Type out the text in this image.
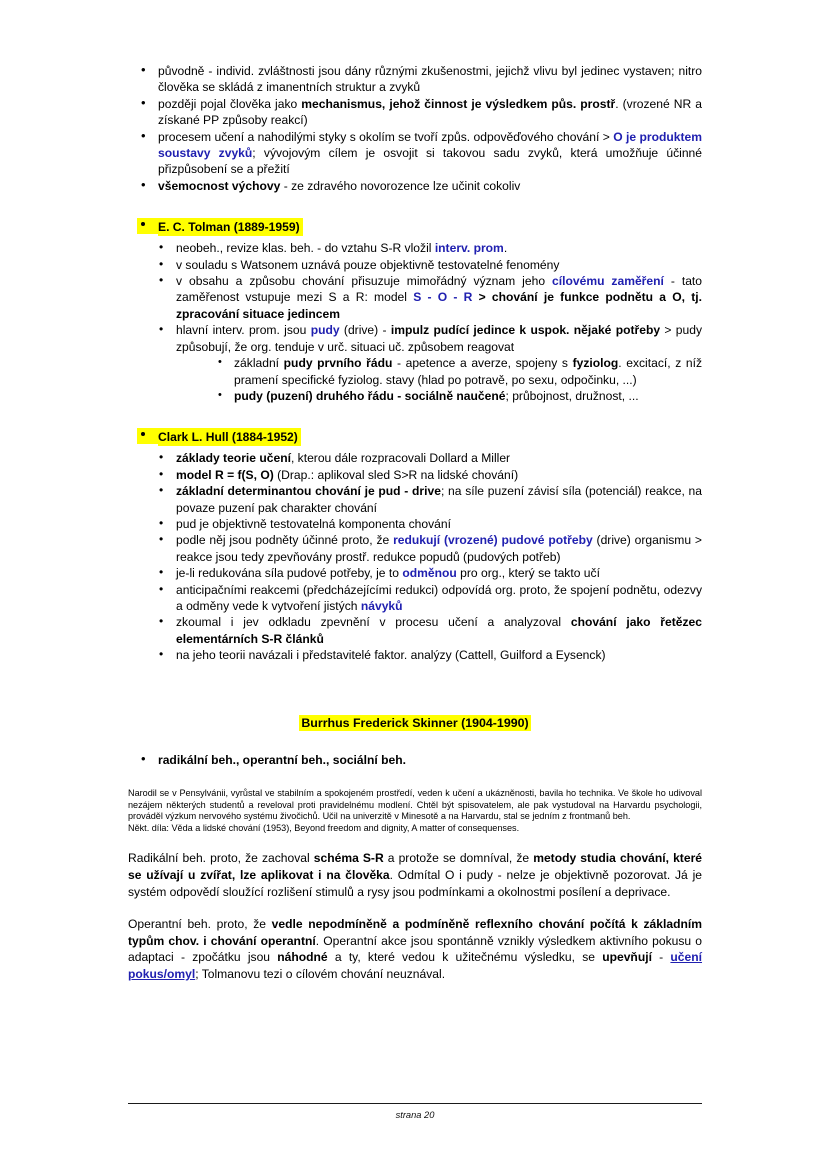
• původně - individ. zvláštnosti jsou dány různými zkušenostmi, jejichž vlivu byl jedinec vystaven; nitro člověka se skládá z imanentních struktur a zvyků
• později pojal člověka jako mechanismus, jehož činnost je výsledkem půs. prostř. (vrozené NR a získané PP způsoby reakcí)
• procesem učení a nahodilými styky s okolím se tvoří způs. odpověďového chování > O je produktem soustavy zvyků; vývojovým cílem je osvojit si takovou sadu zvyků, která umožňuje účinné přizpůsobení se a přežití
• všemocnost výchovy - ze zdravého novorozence lze učinit cokoliv
E. C. Tolman (1889-1959)
• neobeh., revize klas. beh. - do vztahu S-R vložil interv. prom.
• v souladu s Watsonem uznává pouze objektivně testovatelné fenomény
• v obsahu a způsobu chování přisuzuje mimořádný význam jeho cílovému zaměření - tato zaměřenost vstupuje mezi S a R: model S - O - R > chování je funkce podnětu a O, tj. zpracování situace jedincem
• hlavní interv. prom. jsou pudy (drive) - impulz pudící jedince k uspok. nějaké potřeby > pudy způsobují, že org. tenduje v urč. situaci uč. způsobem reagovat
• základní pudy prvního řádu - apetence a averze, spojeny s fyziolog. excitací, z níž pramení specifické fyziolog. stavy (hlad po potravě, po sexu, odpočinku, ...)
• pudy (puzení) druhého řádu - sociálně naučené; průbojnost, družnost, ...
Clark L. Hull (1884-1952)
• základy teorie učení, kterou dále rozpracovali Dollard a Miller
• model R = f(S, O) (Drap.: aplikoval sled S>R na lidské chování)
• základní determinantou chování je pud - drive; na síle puzení závisí síla (potenciál) reakce, na povaze puzení pak charakter chování
• pud je objektivně testovatelná komponenta chování
• podle něj jsou podněty účinné proto, že redukují (vrozené) pudové potřeby (drive) organismu > reakce jsou tedy zpevňovány prostř. redukce popudů (pudových potřeb)
• je-li redukována síla pudové potřeby, je to odměnou pro org., který se takto učí
• anticipačními reakcemi (předcházejícími redukci) odpovídá org. proto, že spojení podnětu, odezvy a odměny vede k vytvoření jistých návyků
• zkoumal i jev odkladu zpevnění v procesu učení a analyzoval chování jako řetězec elementárních S-R článků
• na jeho teorii navázali i představitelé faktor. analýzy (Cattell, Guilford a Eysenck)
Burrhus Frederick Skinner (1904-1990)
• radikální beh., operantní beh., sociální beh.

Narodil se v Pensylvánii, vyrůstal ve stabilním a spokojeném prostředí, veden k učení a ukázněnosti, bavila ho technika. Ve škole ho udivoval nezájem některých studentů a reveloval proti pravidelnému modlení. Chtěl být spisovatelem, ale pak vystudoval na Harvardu psychologii, prováděl výzkum nervového systému živočichů. Učil na univerzitě v Minesotě a na Harvardu, stal se jedním z frontmanů beh.

Někt. díla: Věda a lidské chování (1953), Beyond freedom and dignity, A matter of consequenses.

Radikální beh. proto, že zachoval schéma S-R a protože se domníval, že metody studia chování, které se užívají u zvířat, lze aplikovat i na člověka. Odmítal O i pudy - nelze je objektivně pozorovat. Já je systém odpovědí sloužící rozlišení stimulů a rysy jsou podmínkami a okolnostmi posílení a deprivace.

Operantní beh. proto, že vedle nepodmíněně a podmíněně reflexního chování počítá k základním typům chov. i chování operantní. Operantní akce jsou spontánně vznikly výsledkem aktivního pokusu o adaptaci - zpočátku jsou náhodné a ty, které vedou k užitečnému výsledku, se upevňují - učení pokus/omyl; Tolmanovu tezi o cílovém chování neuznával.

strana 20
